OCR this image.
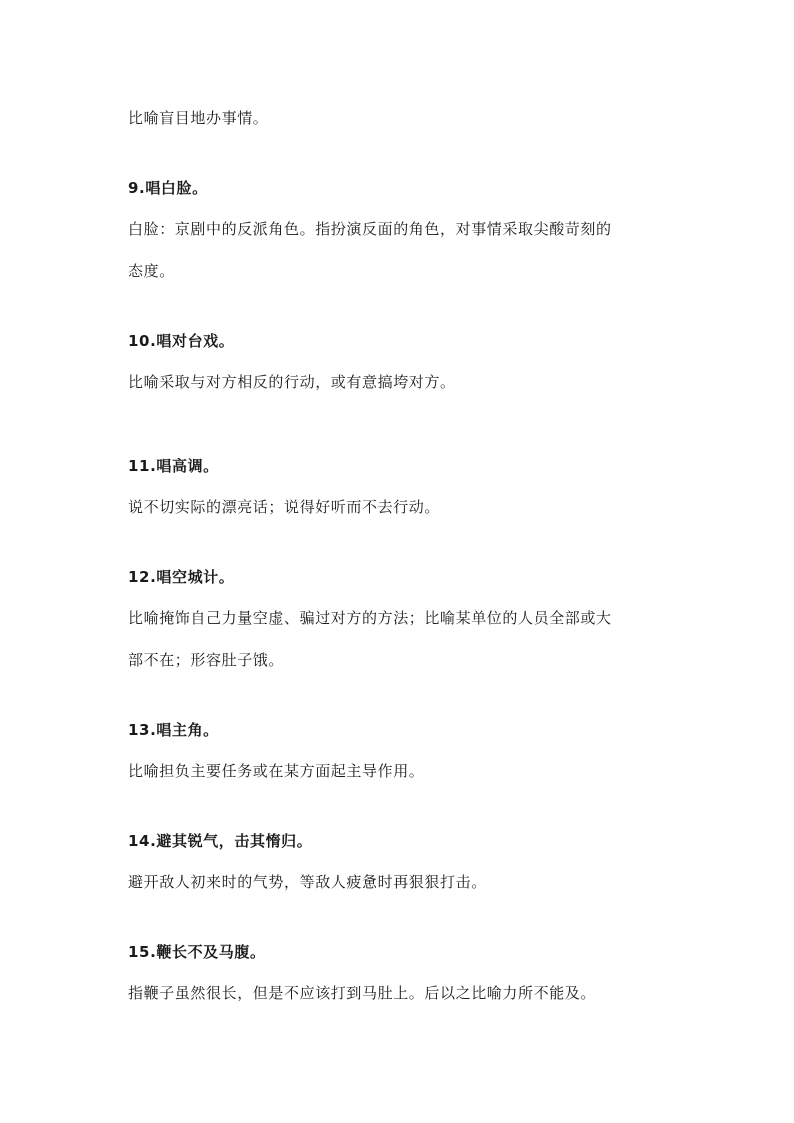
比喻盲目地办事情。
9.唱白脸。
白脸：京剧中的反派角色。指扮演反面的角色，对事情采取尖酸苛刻的
态度。
10.唱对台戏。
比喻采取与对方相反的行动，或有意搞垮对方。
11.唱高调。
说不切实际的漂亮话；说得好听而不去行动。
12.唱空城计。
比喻掩饰自己力量空虚、骗过对方的方法；比喻某单位的人员全部或大
部不在；形容肚子饿。
13.唱主角。
比喻担负主要任务或在某方面起主导作用。
14.避其锐气，击其惰归。
避开敌人初来时的气势，等敌人疲惫时再狠狠打击。
15.鞭长不及马腹。
指鞭子虽然很长，但是不应该打到马肚上。后以之比喻力所不能及。
